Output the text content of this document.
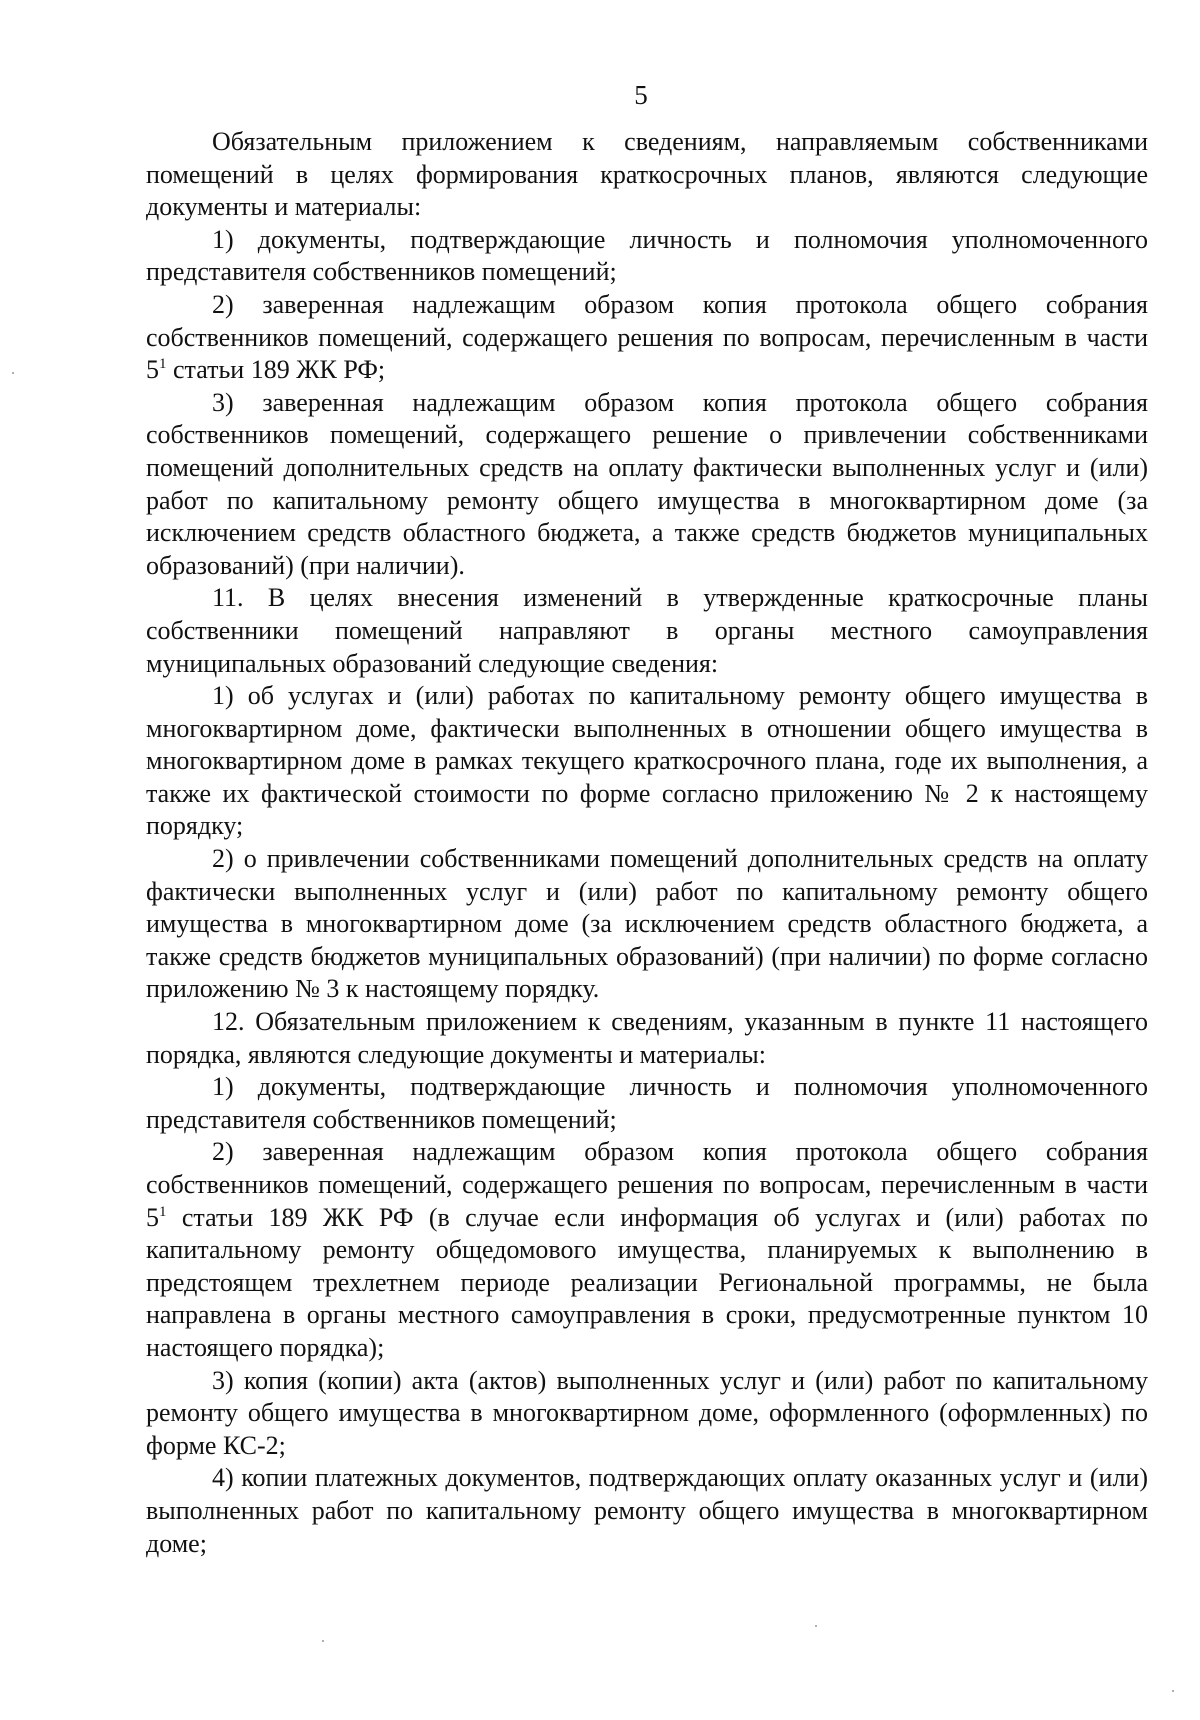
5

Обязательным приложением к сведениям, направляемым собственниками помещений в целях формирования краткосрочных планов, являются следующие документы и материалы:

1) документы, подтверждающие личность и полномочия уполномоченного представителя собственников помещений;

2) заверенная надлежащим образом копия протокола общего собрания собственников помещений, содержащего решения по вопросам, перечисленным в части $5^1$ статьи 189 ЖК РФ;

3) заверенная надлежащим образом копия протокола общего собрания собственников помещений, содержащего решение о привлечении собственниками помещений дополнительных средств на оплату фактически выполненных услуг и (или) работ по капитальному ремонту общего имущества в многоквартирном доме (за исключением средств областного бюджета, а также средств бюджетов муниципальных образований) (при наличии).

11. В целях внесения изменений в утвержденные краткосрочные планы собственники помещений направляют в органы местного самоуправления муниципальных образований следующие сведения:

1) об услугах и (или) работах по капитальному ремонту общего имущества в многоквартирном доме, фактически выполненных в отношении общего имущества в многоквартирном доме в рамках текущего краткосрочного плана, годе их выполнения, а также их фактической стоимости по форме согласно приложению № 2 к настоящему порядку;

2) о привлечении собственниками помещений дополнительных средств на оплату фактически выполненных услуг и (или) работ по капитальному ремонту общего имущества в многоквартирном доме (за исключением средств областного бюджета, а также средств бюджетов муниципальных образований) (при наличии) по форме согласно приложению № 3 к настоящему порядку.

12. Обязательным приложением к сведениям, указанным в пункте 11 настоящего порядка, являются следующие документы и материалы:

1) документы, подтверждающие личность и полномочия уполномоченного представителя собственников помещений;

2) заверенная надлежащим образом копия протокола общего собрания собственников помещений, содержащего решения по вопросам, перечисленным в части $5^1$ статьи 189 ЖК РФ (в случае если информация об услугах и (или) работах по капитальному ремонту общедомового имущества, планируемых к выполнению в предстоящем трехлетнем периоде реализации Региональной программы, не была направлена в органы местного самоуправления в сроки, предусмотренные пунктом 10 настоящего порядка);

3) копия (копии) акта (актов) выполненных услуг и (или) работ по капитальному ремонту общего имущества в многоквартирном доме, оформленного (оформленных) по форме КС-2;

4) копии платежных документов, подтверждающих оплату оказанных услуг и (или) выполненных работ по капитальному ремонту общего имущества в многоквартирном доме;
